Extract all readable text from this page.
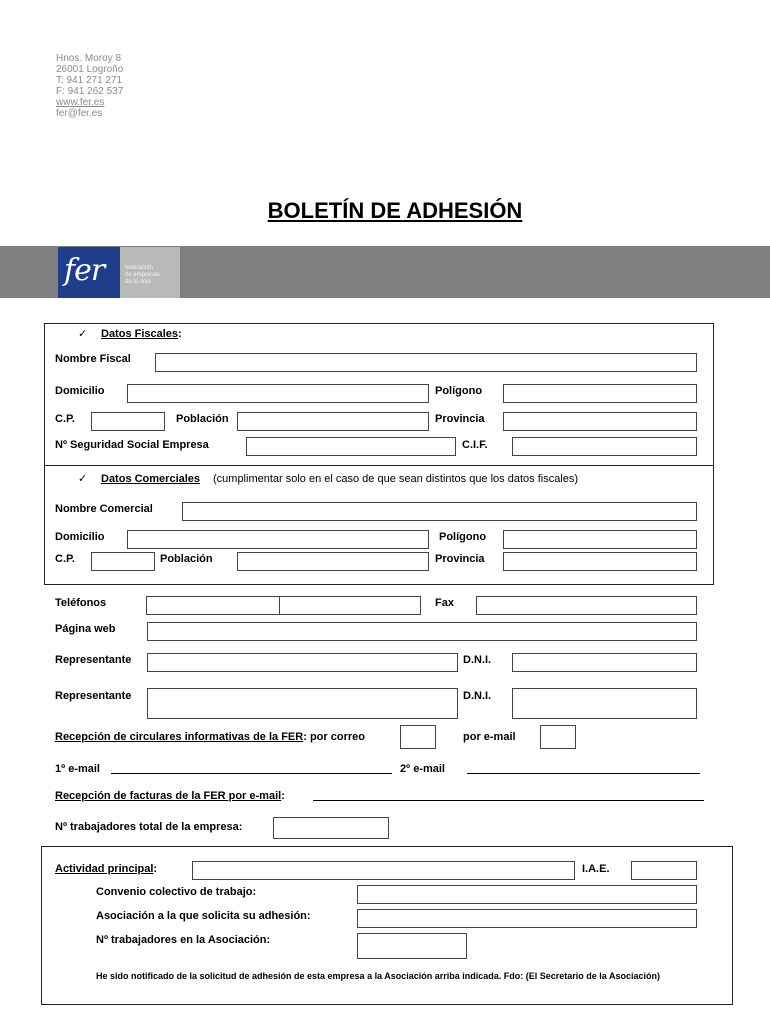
Hnos. Moroy 8
26001 Logroño
T: 941 271 271
F: 941 262 537
www.fer.es
fer@fer.es
BOLETÍN DE ADHESIÓN
fer	federación
de empresas
de la rioja
✓ Datos Fiscales:
Nombre Fiscal
Domicilio	Polígono
C.P.	Población	Provincia
Nº Seguridad Social Empresa	C.I.F.
✓ Datos Comerciales (cumplimentar solo en el caso de que sean distintos que los datos fiscales)
Nombre Comercial
Domicilio	Polígono
C.P.	Población	Provincia
Teléfonos	Fax
Página web
Representante	D.N.I.
Representante	D.N.I.
Recepción de circulares informativas de la FER: por correo	por e-mail
1º e-mail	2º e-mail
Recepción de facturas de la FER por e-mail:
Nº trabajadores total de la empresa:
Actividad principal:	I.A.E.
Convenio colectivo de trabajo:
Asociación a la que solicita su adhesión:
Nº trabajadores en la Asociación:
He sido notificado de la solicitud de adhesión de esta empresa a la Asociación arriba indicada. Fdo: (El Secretario de la Asociación)
